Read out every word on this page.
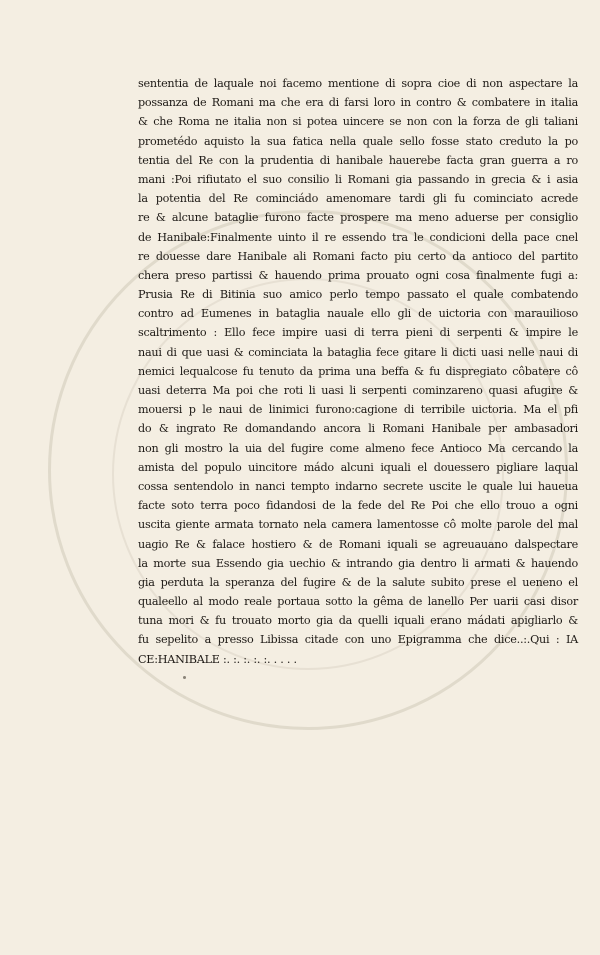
sententia de laquale noi facemo mentione di sopra cioe di non aspectare la
possanza de Romani ma che era di farsi loro in contro & combatere in italia
& che Roma ne italia non si potea uincere se non con la forza de gli taliani
prometédo aquisto la sua fatica nella quale sello fosse stato creduto la po
tentia del Re con la prudentia di hanibale hauerebe facta gran guerra a ro
mani :Poi rifiutato el suo consilio li Romani gia passando in grecia & i asia
la potentia del Re cominciádo amenomare tardi gli fu cominciato acrede
re & alcune bataglie furono facte prospere ma meno aduerse per consiglio
de Hanibale:Finalmente uinto il re essendo tra le condicioni della pace cnel
re douesse dare Hanibale ali Romani facto piu certo da antioco del partito
chera preso partissi & hauendo prima prouato ogni cosa finalmente fugi a:
Prusia Re di Bitinia suo amico perlo tempo passato el quale combatendo
contro ad Eumenes in bataglia nauale ello gli de uictoria con marauilioso
scaltrimento : Ello fece impire uasi di terra pieni di serpenti & impire le
naui di que uasi & cominciata la bataglia fece gitare li dicti uasi nelle naui di
nemici lequalcose fu tenuto da prima una beffa & fu dispregiato côbatere cô
uasi deterra Ma poi che roti li uasi li serpenti cominzareno quasi afugire &
mouersi p le naui de linimici furono:cagione di terribile uictoria. Ma el pfi
do & ingrato Re domandando ancora li Romani Hanibale per ambasadori
non gli mostro la uia del fugire come almeno fece Antioco Ma cercando la
amista del populo uincitore mádo alcuni iquali el douessero pigliare laqual
cossa sentendolo in nanci tempto indarno secrete uscite le quale lui haueua
facte soto terra poco fidandosi de la fede del Re Poi che ello trouo a ogni
uscita giente armata tornato nela camera lamentosse cô molte parole del mal
uagio Re & falace hostiero & de Romani iquali se agreuauano dalspectare
la morte sua Essendo gia uechio & intrando gia dentro li armati & hauendo
gia perduta la speranza del fugire & de la salute subito prese el ueneno el
qualeello al modo reale portaua sotto la gêma de lanello Per uarii casi disor
tuna mori & fu trouato morto gia da quelli iquali erano mádati apigliarlo &
fu sepelito a presso Libissa citade con uno Epigramma che dice..:.Qui : IA
CE:HANIBALE :. :. :. :. :. . . . .
